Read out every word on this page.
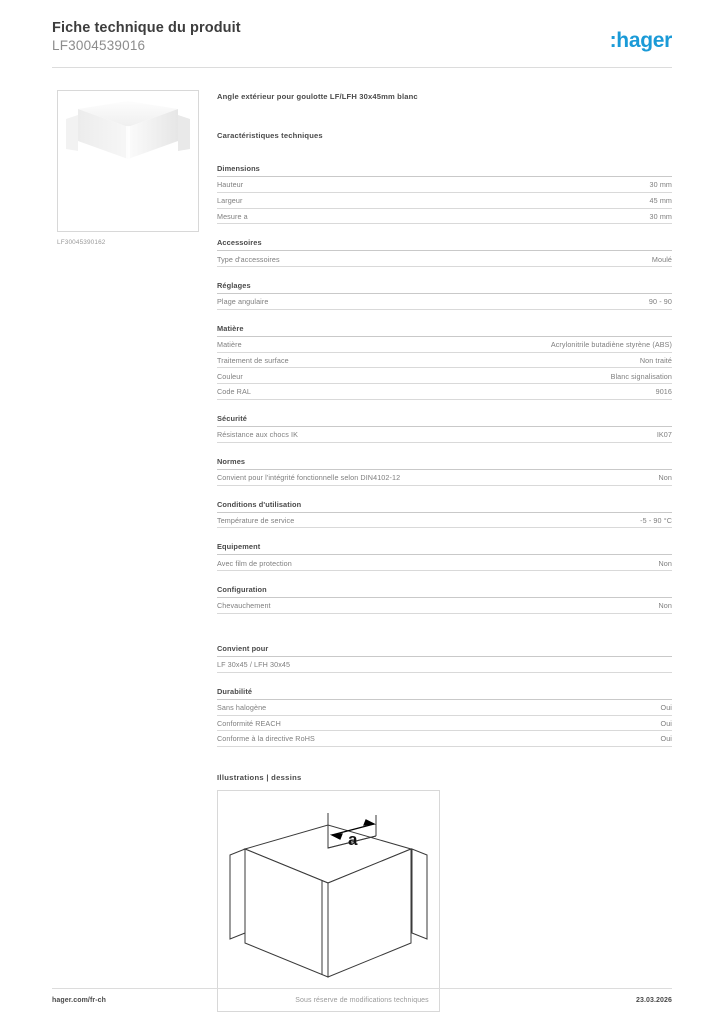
Fiche technique du produit
LF3004539016	:hager
LF30045390162
Angle extérieur pour goulotte LF/LFH 30x45mm blanc
Caractéristiques techniques
Dimensions
Hauteur	30 mm
Largeur	45 mm
Mesure a	30 mm
Accessoires
Type d'accessoires	Moulé
Réglages
Plage angulaire	90 - 90
Matière
Matière	Acrylonitrile butadiène styrène (ABS)
Traitement de surface	Non traité
Couleur	Blanc signalisation
Code RAL	9016
Sécurité
Résistance aux chocs IK	IK07
Normes
Convient pour l'intégrité fonctionnelle selon DIN4102-12	Non
Conditions d'utilisation
Température de service	-5 - 90 °C
Equipement
Avec film de protection	Non
Configuration
Chevauchement	Non
Convient pour
LF 30x45 / LFH 30x45
Durabilité
Sans halogène	Oui
Conformité REACH	Oui
Conforme à la directive RoHS	Oui
Illustrations | dessins
a
hager.com/fr-ch	Sous réserve de modifications techniques	23.03.2026
